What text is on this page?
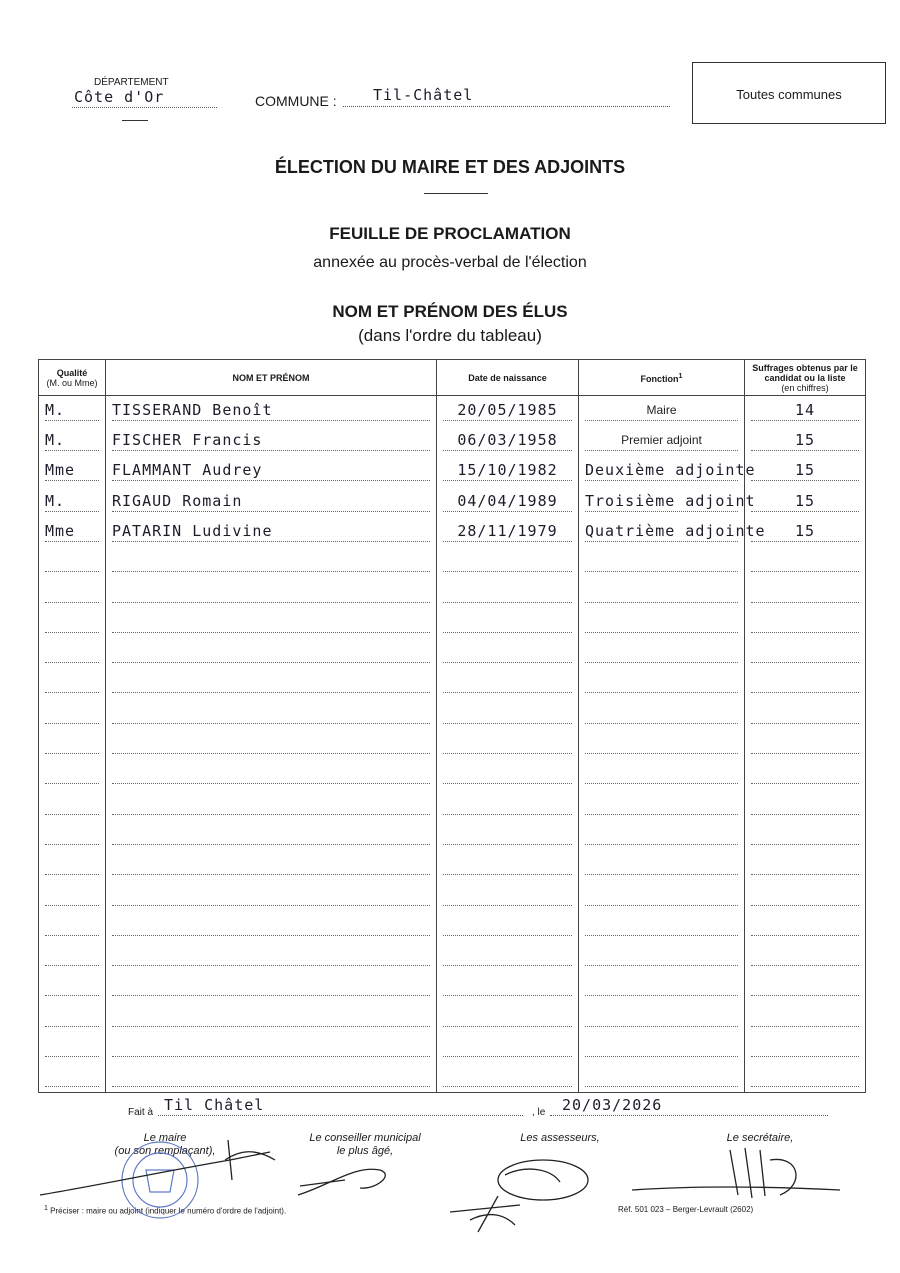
DÉPARTEMENT
Côte d'Or	COMMUNE :	Til-Châtel	Toutes communes
ÉLECTION DU MAIRE ET DES ADJOINTS
FEUILLE DE PROCLAMATION
annexée au procès-verbal de l'élection
NOM ET PRÉNOM DES ÉLUS
(dans l'ordre du tableau)
Qualité
(M. ou Mme)	NOM ET PRÉNOM	Date de naissance	Fonction$^1$	Suffrages obtenus par le candidat ou la liste
(en chiffres)

M.	TISSERAND Benoît	20/05/1985	Maire	14

M.	FISCHER Francis	06/03/1958	Premier adjoint	15

Mme	FLAMMANT Audrey	15/10/1982	Deuxième adjointe	15

M.	RIGAUD Romain	04/04/1989	Troisième adjoint	15

Mme	PATARIN Ludivine	28/11/1979	Quatrième adjointe	15

Fait à Til Châtel	, le	20/03/2026
Le maire
(ou son remplaçant),
Le conseiller municipal
le plus âgé,
Les assesseurs,	Le secrétaire,
$^1$ Préciser : maire ou adjoint (indiquer le numéro d'ordre de l'adjoint).	Réf. 501 023 – Berger-Levrault (2602)
